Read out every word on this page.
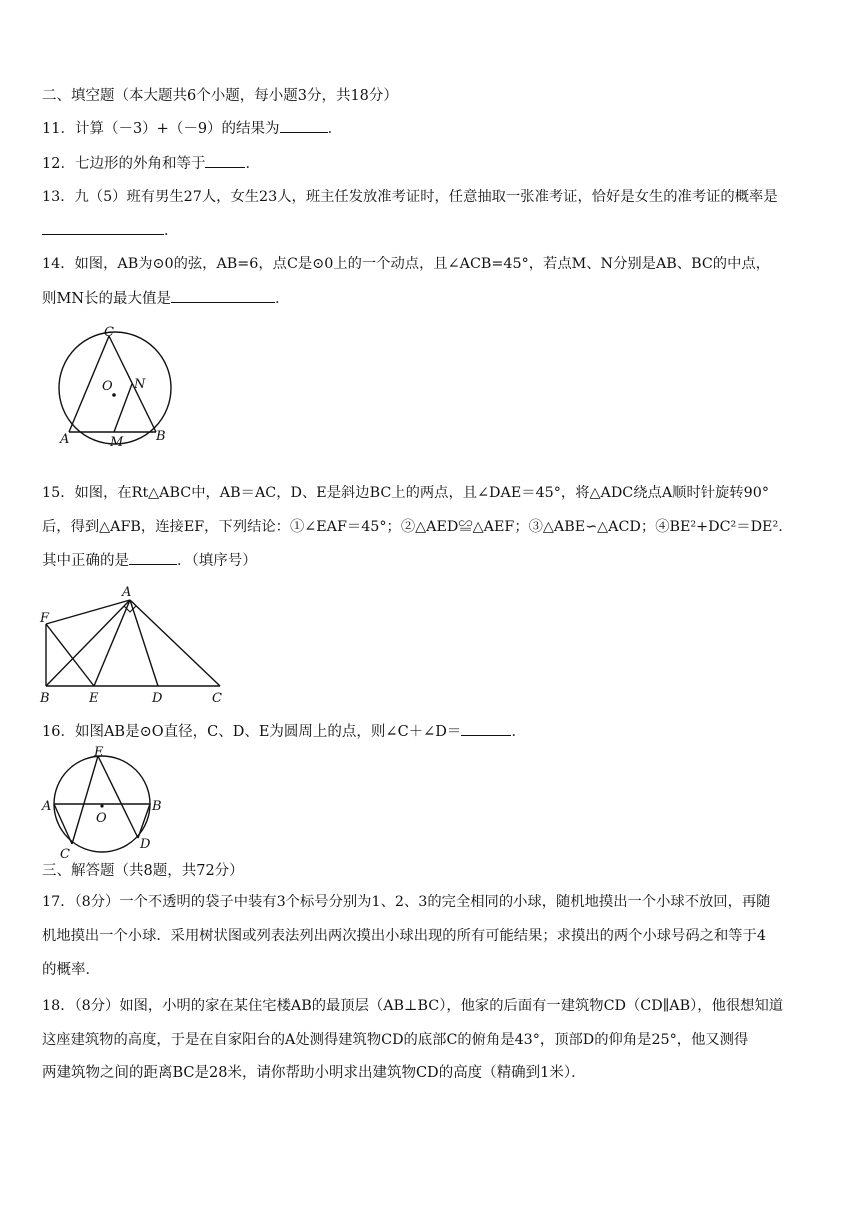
二、填空题（本大题共6个小题，每小题3分，共18分）
11．计算（－3）+（－9）的结果为	．
12．七边形的外角和等于	．
13．九（5）班有男生27人，女生23人，班主任发放准考证时，任意抽取一张准考证，恰好是女生的准考证的概率是
．
14．如图，AB为⊙0的弦，AB=6，点C是⊙0上的一个动点，且∠ACB=45°，若点M、N分别是AB、BC的中点，
则MN长的最大值是	．
C
O N
A	M	B
15．如图，在Rt△ABC中，AB＝AC，D、E是斜边BC上的两点，且∠DAE＝45°，将△ADC绕点A顺时针旋转90°
后，得到△AFB，连接EF，下列结论：①∠EAF＝45°；②△AED≌△AEF；③△ABE∽△ACD；④BE²+DC²＝DE².
其中正确的是	．（填序号）
A
F
B	E	D	C
16．如图AB是⊙O直径，C、D、E为圆周上的点，则∠C＋∠D＝	．
E
A	B
O
C
D
三、解答题（共8题，共72分）
17．（8分）一个不透明的袋子中装有3个标号分别为1、2、3的完全相同的小球，随机地摸出一个小球不放回，再随
机地摸出一个小球．采用树状图或列表法列出两次摸出小球出现的所有可能结果；求摸出的两个小球号码之和等于4
的概率．
18．（8分）如图，小明的家在某住宅楼AB的最顶层（AB⊥BC），他家的后面有一建筑物CD（CD∥AB），他很想知道
这座建筑物的高度，于是在自家阳台的A处测得建筑物CD的底部C的俯角是43°，顶部D的仰角是25°，他又测得
两建筑物之间的距离BC是28米，请你帮助小明求出建筑物CD的高度（精确到1米）．
